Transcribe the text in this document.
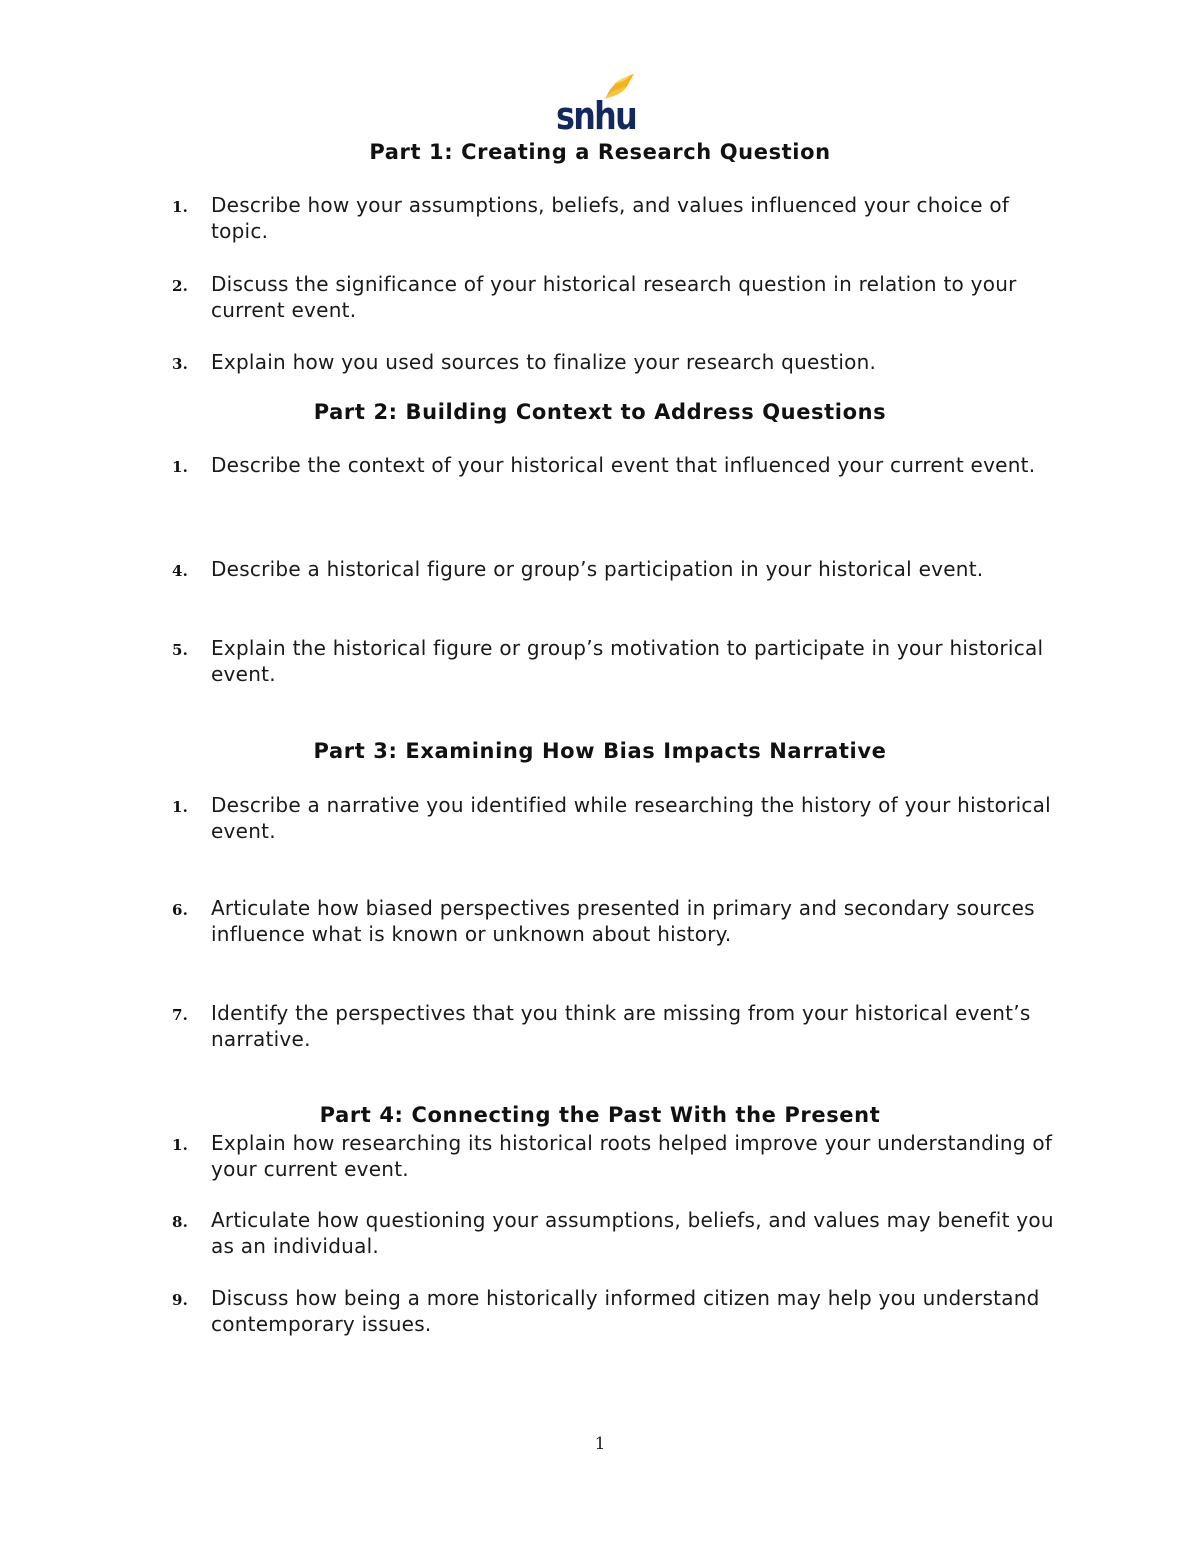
snhu
Part 1: Creating a Research Question
1.	Describe how your assumptions, beliefs, and values influenced your choice of topic.
2.	Discuss the significance of your historical research question in relation to your current event.
3.	Explain how you used sources to finalize your research question.
Part 2: Building Context to Address Questions
1.	Describe the context of your historical event that influenced your current event.
4.	Describe a historical figure or group’s participation in your historical event.
5.	Explain the historical figure or group’s motivation to participate in your historical event.
Part 3: Examining How Bias Impacts Narrative
1.	Describe a narrative you identified while researching the history of your historical event.
6.	Articulate how biased perspectives presented in primary and secondary sources influence what is known or unknown about history.
7.	Identify the perspectives that you think are missing from your historical event’s narrative.
Part 4: Connecting the Past With the Present
1.	Explain how researching its historical roots helped improve your understanding of your current event.
8.	Articulate how questioning your assumptions, beliefs, and values may benefit you as an individual.
9.	Discuss how being a more historically informed citizen may help you understand contemporary issues.
1
